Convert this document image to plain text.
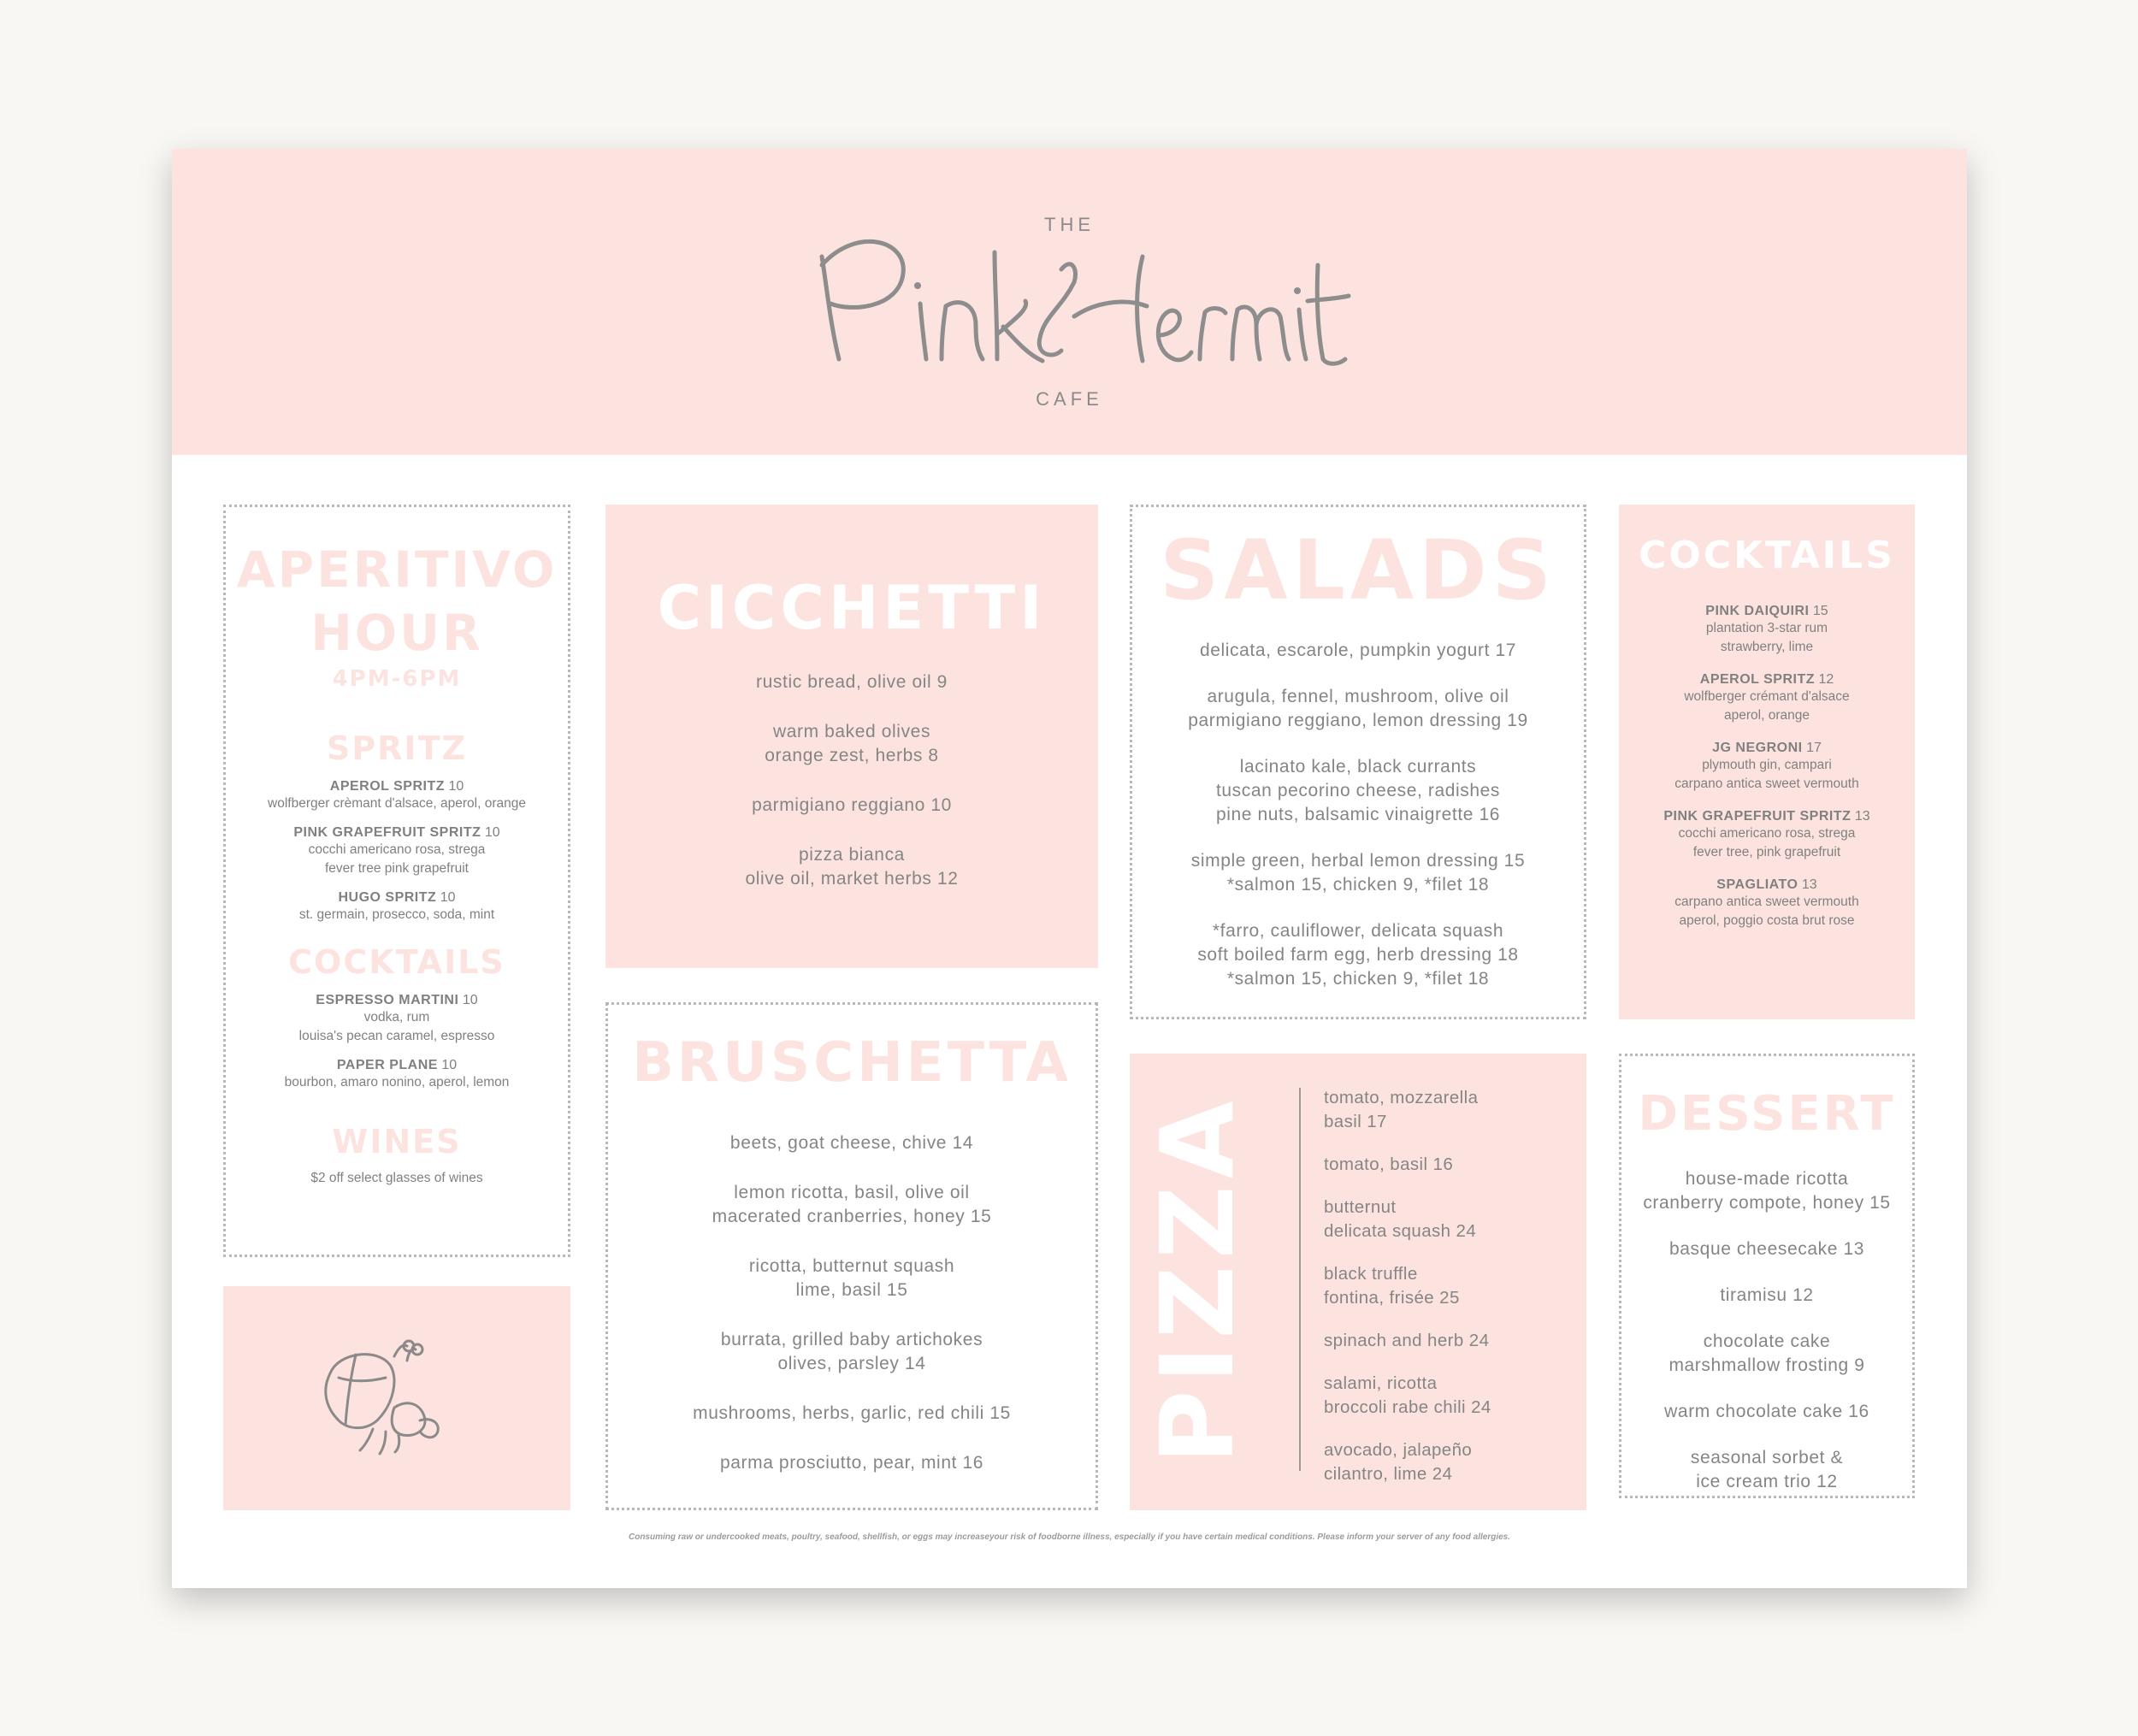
THE
CAFE
APERITIVO
HOUR
4PM-6PM
SPRITZ
APEROL SPRITZ 10
wolfberger crèmant d'alsace, aperol, orange
PINK GRAPEFRUIT SPRITZ 10
cocchi americano rosa, strega
fever tree pink grapefruit
HUGO SPRITZ 10
st. germain, prosecco, soda, mint
COCKTAILS
ESPRESSO MARTINI 10
vodka, rum
louisa's pecan caramel, espresso
PAPER PLANE 10
bourbon, amaro nonino, aperol, lemon
WINES
$2 off select glasses of wines
CICCHETTI
rustic bread, olive oil 9
warm baked olives
orange zest, herbs 8
parmigiano reggiano 10
pizza bianca
olive oil, market herbs 12
BRUSCHETTA
beets, goat cheese, chive 14
lemon ricotta, basil, olive oil
macerated cranberries, honey 15
ricotta, butternut squash
lime, basil 15
burrata, grilled baby artichokes
olives, parsley 14
mushrooms, herbs, garlic, red chili 15
parma prosciutto, pear, mint 16
SALADS
delicata, escarole, pumpkin yogurt 17
arugula, fennel, mushroom, olive oil
parmigiano reggiano, lemon dressing 19
lacinato kale, black currants
tuscan pecorino cheese, radishes
pine nuts, balsamic vinaigrette 16
simple green, herbal lemon dressing 15
*salmon 15, chicken 9, *filet 18
*farro, cauliflower, delicata squash
soft boiled farm egg, herb dressing 18
*salmon 15, chicken 9, *filet 18
PIZZA	tomato, mozzarella
basil 17
tomato, basil 16
butternut
delicata squash 24
black truffle
fontina, frisée 25
spinach and herb 24
salami, ricotta
broccoli rabe chili 24
avocado, jalapeño
cilantro, lime 24
COCKTAILS
PINK DAIQUIRI 15
plantation 3-star rum
strawberry, lime
APEROL SPRITZ 12
wolfberger crémant d'alsace
aperol, orange
JG NEGRONI 17
plymouth gin, campari
carpano antica sweet vermouth
PINK GRAPEFRUIT SPRITZ 13
cocchi americano rosa, strega
fever tree, pink grapefruit
SPAGLIATO 13
carpano antica sweet vermouth
aperol, poggio costa brut rose
DESSERT
house-made ricotta
cranberry compote, honey 15
basque cheesecake 13
tiramisu 12
chocolate cake
marshmallow frosting 9
warm chocolate cake 16
seasonal sorbet &
ice cream trio 12
Consuming raw or undercooked meats, poultry, seafood, shellfish, or eggs may increaseyour risk of foodborne illness, especially if you have certain medical conditions. Please inform your server of any food allergies.
